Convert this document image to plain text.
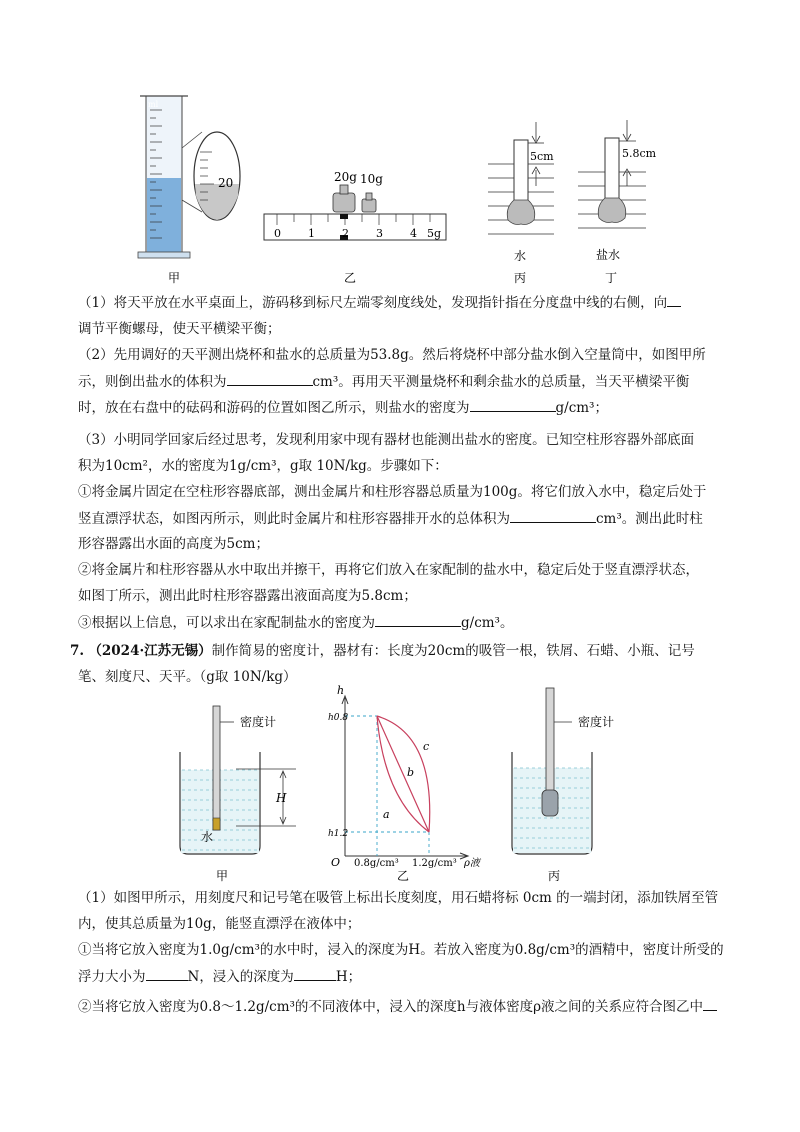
ml
20	20g 10g
0 1 2 3 4 5g
5cm
水
5.8cm
盐水
甲	乙	丙	丁
（1）将天平放在水平桌面上，游码移到标尺左端零刻度线处，发现指针指在分度盘中线的右侧，向
调节平衡螺母，使天平横梁平衡；
（2）先用调好的天平测出烧杯和盐水的总质量为53.8g。然后将烧杯中部分盐水倒入空量筒中，如图甲所
示，则倒出盐水的体积为	cm³。再用天平测量烧杯和剩余盐水的总质量，当天平横梁平衡
时，放在右盘中的砝码和游码的位置如图乙所示，则盐水的密度为	g/cm³；
（3）小明同学回家后经过思考，发现利用家中现有器材也能测出盐水的密度。已知空柱形容器外部底面
积为10cm²，水的密度为1g/cm³，g取 10N/kg。步骤如下：
①将金属片固定在空柱形容器底部，测出金属片和柱形容器总质量为100g。将它们放入水中，稳定后处于
竖直漂浮状态，如图丙所示，则此时金属片和柱形容器排开水的总体积为	cm³。测出此时柱
形容器露出水面的高度为5cm；
②将金属片和柱形容器从水中取出并擦干，再将它们放入在家配制的盐水中，稳定后处于竖直漂浮状态，
如图丁所示，测出此时柱形容器露出液面高度为5.8cm；
③根据以上信息，可以求出在家配制盐水的密度为	g/cm³。
7. （2024·江苏无锡）制作简易的密度计，器材有：长度为20cm的吸管一根，铁屑、石蜡、小瓶、记号
笔、刻度尺、天平。（g取 10N/kg）
密度计
H
水
甲
h
h0.8
h1.2
O 0.8g/cm³ 1.2g/cm³ ρ液
a
b
c
乙
密度计
丙
（1）如图甲所示，用刻度尺和记号笔在吸管上标出长度刻度，用石蜡将标 0cm 的一端封闭，添加铁屑至管
内，使其总质量为10g，能竖直漂浮在液体中；
①当将它放入密度为1.0g/cm³的水中时，浸入的深度为H。若放入密度为0.8g/cm³的酒精中，密度计所受的
浮力大小为	N，浸入的深度为	H；
②当将它放入密度为0.8～1.2g/cm³的不同液体中，浸入的深度h与液体密度ρ液之间的关系应符合图乙中
